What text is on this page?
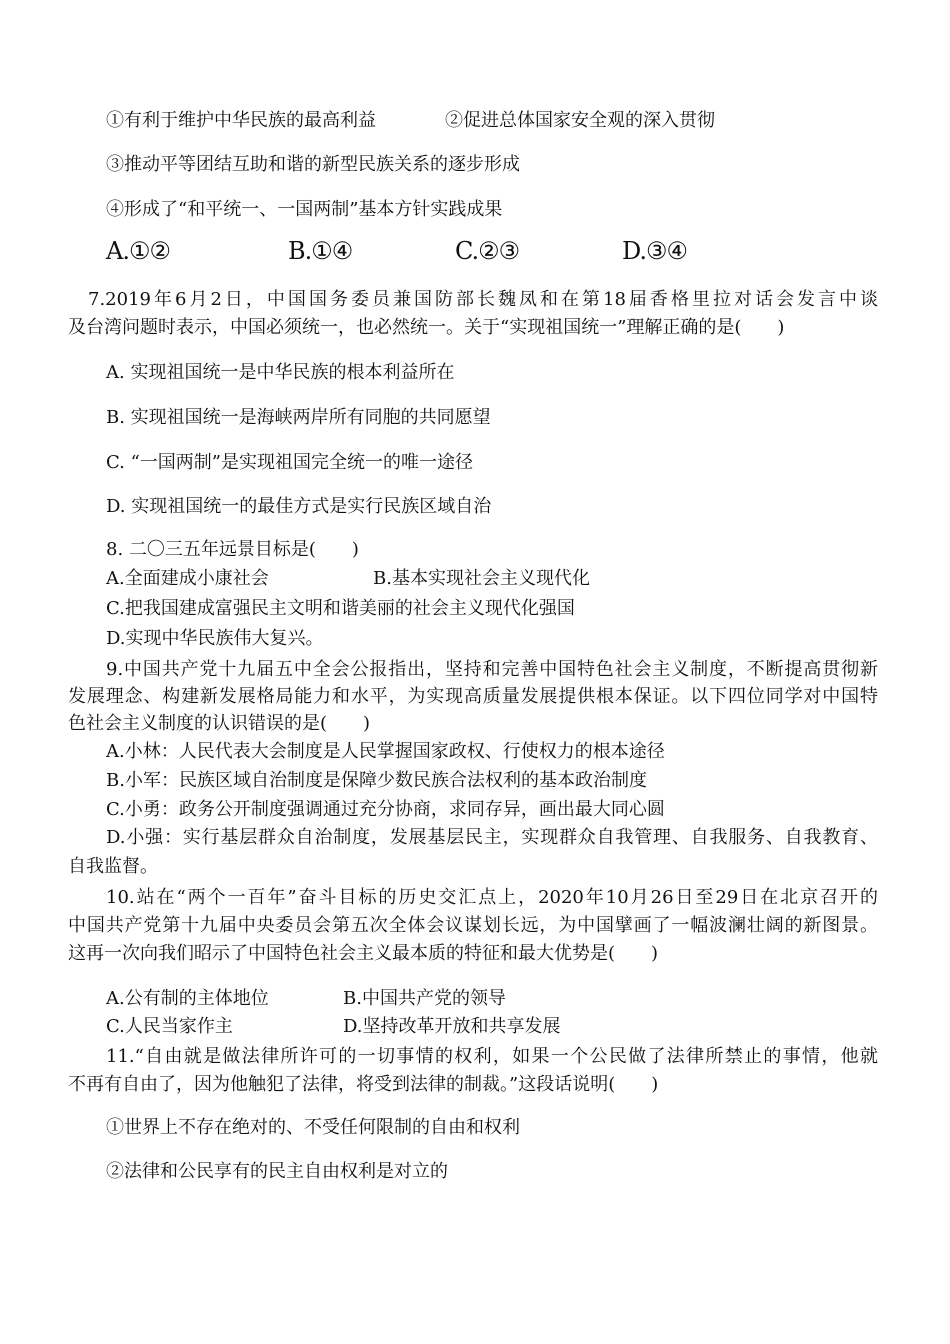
①有利于维护中华民族的最高利益	②促进总体国家安全观的深入贯彻
③推动平等团结互助和谐的新型民族关系的逐步形成
④形成了“和平统一、一国两制”基本方针实践成果
A.①②	B.①④	C.②③	D.③④
7.2019年6月2日，中国国务委员兼国防部长魏凤和在第18届香格里拉对话会发言中谈
及台湾问题时表示，中国必须统一，也必然统一。关于“实现祖国统一”理解正确的是(　　)
A. 实现祖国统一是中华民族的根本利益所在
B. 实现祖国统一是海峡两岸所有同胞的共同愿望
C. “一国两制”是实现祖国完全统一的唯一途径
D. 实现祖国统一的最佳方式是实行民族区域自治
8. 二〇三五年远景目标是(　　)
A.全面建成小康社会	B.基本实现社会主义现代化
C.把我国建成富强民主文明和谐美丽的社会主义现代化强国
D.实现中华民族伟大复兴。
9.中国共产党十九届五中全会公报指出，坚持和完善中国特色社会主义制度，不断提高贯彻新
发展理念、构建新发展格局能力和水平，为实现高质量发展提供根本保证。以下四位同学对中国特
色社会主义制度的认识错误的是(　　)
A.小林：人民代表大会制度是人民掌握国家政权、行使权力的根本途径
B.小军：民族区域自治制度是保障少数民族合法权利的基本政治制度
C.小勇：政务公开制度强调通过充分协商，求同存异，画出最大同心圆
D.小强：实行基层群众自治制度，发展基层民主，实现群众自我管理、自我服务、自我教育、
自我监督。
10.站在“两个一百年”奋斗目标的历史交汇点上，2020年10月26日至29日在北京召开的
中国共产党第十九届中央委员会第五次全体会议谋划长远，为中国擘画了一幅波澜壮阔的新图景。
这再一次向我们昭示了中国特色社会主义最本质的特征和最大优势是(　　)
A.公有制的主体地位	B.中国共产党的领导
C.人民当家作主	D.坚持改革开放和共享发展
11.“自由就是做法律所许可的一切事情的权利，如果一个公民做了法律所禁止的事情，他就
不再有自由了，因为他触犯了法律，将受到法律的制裁。”这段话说明(　　)
①世界上不存在绝对的、不受任何限制的自由和权利
②法律和公民享有的民主自由权利是对立的
